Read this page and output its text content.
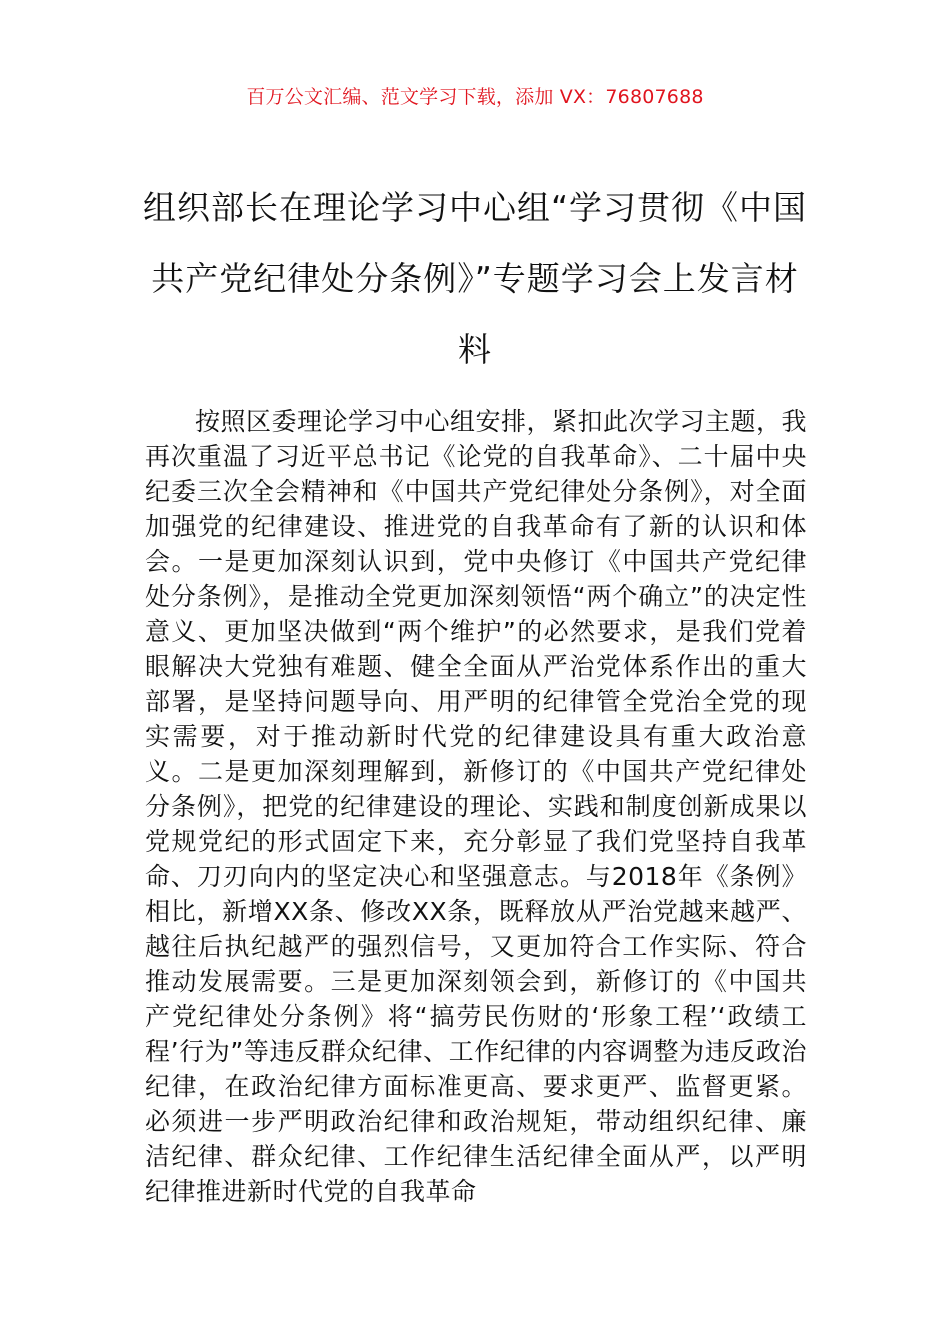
百万公文汇编、范文学习下载，添加 VX：76807688
组织部长在理论学习中心组“学习贯彻《中国共产党纪律处分条例》”专题学习会上发言材料

按照区委理论学习中心组安排，紧扣此次学习主题，我再次重温了习近平总书记《论党的自我革命》、二十届中央纪委三次全会精神和《中国共产党纪律处分条例》，对全面加强党的纪律建设、推进党的自我革命有了新的认识和体会。一是更加深刻认识到，党中央修订《中国共产党纪律处分条例》，是推动全党更加深刻领悟“两个确立”的决定性意义、更加坚决做到“两个维护”的必然要求，是我们党着眼解决大党独有难题、健全全面从严治党体系作出的重大部署，是坚持问题导向、用严明的纪律管全党治全党的现实需要，对于推动新时代党的纪律建设具有重大政治意义。二是更加深刻理解到，新修订的《中国共产党纪律处分条例》，把党的纪律建设的理论、实践和制度创新成果以党规党纪的形式固定下来，充分彰显了我们党坚持自我革命、刀刃向内的坚定决心和坚强意志。与2018年《条例》相比，新增XX条、修改XX条，既释放从严治党越来越严、越往后执纪越严的强烈信号，又更加符合工作实际、符合推动发展需要。三是更加深刻领会到，新修订的《中国共产党纪律处分条例》将“搞劳民伤财的‘形象工程’‘政绩工程’行为”等违反群众纪律、工作纪律的内容调整为违反政治纪律，在政治纪律方面标准更高、要求更严、监督更紧。必须进一步严明政治纪律和政治规矩，带动组织纪律、廉洁纪律、群众纪律、工作纪律生活纪律全面从严，以严明纪律推进新时代党的自我革命
